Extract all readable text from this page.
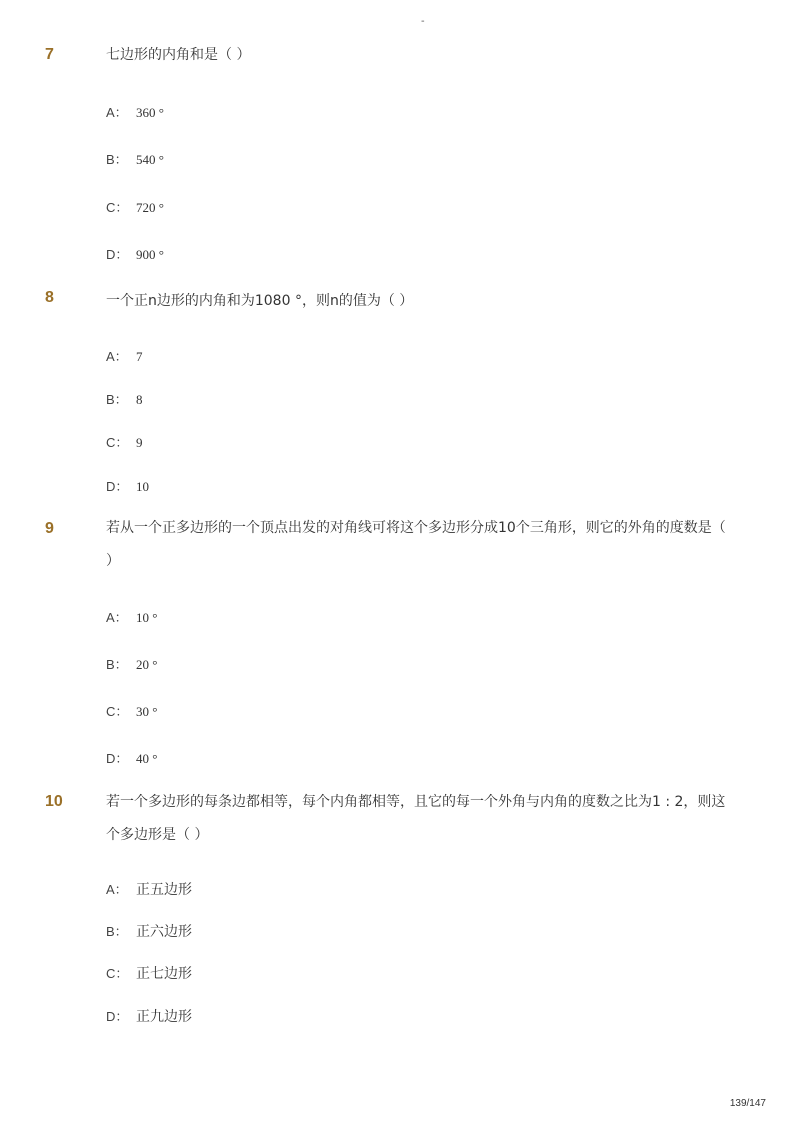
-
7	七边形的内角和是（ ）
A： 360 °
B： 540 °
C： 720 °
D： 900 °
8	一个正n边形的内角和为1080 °，则n的值为（ ）
A： 7
B： 8
C： 9
D： 10
9	若从一个正多边形的一个顶点出发的对角线可将这个多边形分成10个三角形，则它的外角的度数是（ ）
A： 10 °
B： 20 °
C： 30 °
D： 40 °
10	若一个多边形的每条边都相等，每个内角都相等，且它的每一个外角与内角的度数之比为1 : 2，则这个多边形是（ ）
A： 正五边形
B： 正六边形
C： 正七边形
D： 正九边形
139/147
